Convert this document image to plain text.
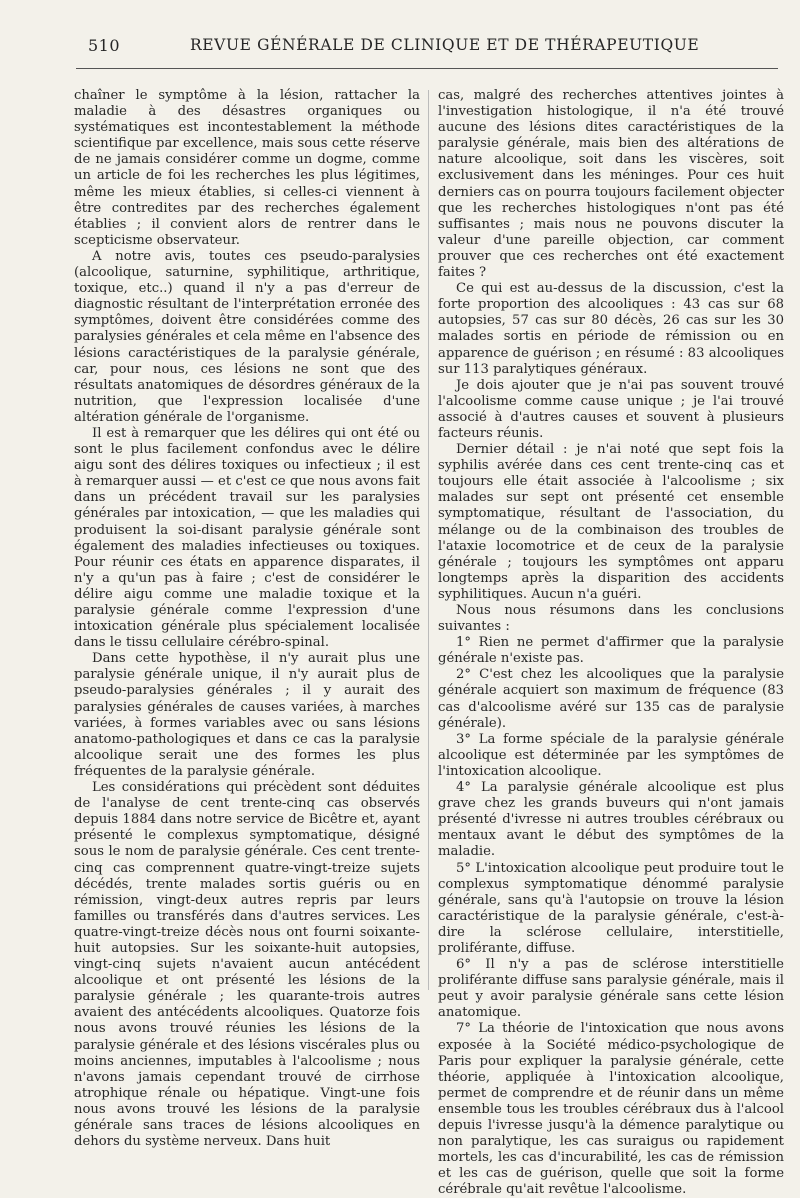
510	REVUE GÉNÉRALE DE CLINIQUE ET DE THÉRAPEUTIQUE

chaîner le symptôme à la lésion, rattacher la maladie à des désastres organiques ou systématiques est incontestablement la méthode scientifique par excellence, mais sous cette réserve de ne jamais considérer comme un dogme, comme un article de foi les recherches les plus légitimes, même les mieux établies, si celles-ci viennent à être contredites par des recherches également établies ; il convient alors de rentrer dans le scepticisme observateur.

A notre avis, toutes ces pseudo-paralysies (alcoolique, saturnine, syphilitique, arthritique, toxique, etc..) quand il n'y a pas d'erreur de diagnostic résultant de l'interprétation erronée des symptômes, doivent être considérées comme des paralysies générales et cela même en l'absence des lésions caractéristiques de la paralysie générale, car, pour nous, ces lésions ne sont que des résultats anatomiques de désordres généraux de la nutrition, que l'expression localisée d'une altération générale de l'organisme.

Il est à remarquer que les délires qui ont été ou sont le plus facilement confondus avec le délire aigu sont des délires toxiques ou infectieux ; il est à remarquer aussi — et c'est ce que nous avons fait dans un précédent travail sur les paralysies générales par intoxication, — que les maladies qui produisent la soi-disant paralysie générale sont également des maladies infectieuses ou toxiques. Pour réunir ces états en apparence disparates, il n'y a qu'un pas à faire ; c'est de considérer le délire aigu comme une maladie toxique et la paralysie générale comme l'expression d'une intoxication générale plus spécialement localisée dans le tissu cellulaire cérébro-spinal.

Dans cette hypothèse, il n'y aurait plus une paralysie générale unique, il n'y aurait plus de pseudo-paralysies générales ; il y aurait des paralysies générales de causes variées, à marches variées, à formes variables avec ou sans lésions anatomo-pathologiques et dans ce cas la paralysie alcoolique serait une des formes les plus fréquentes de la paralysie générale.

Les considérations qui précèdent sont déduites de l'analyse de cent trente-cinq cas observés depuis 1884 dans notre service de Bicêtre et, ayant présenté le complexus symptomatique, désigné sous le nom de paralysie générale. Ces cent trente-cinq cas comprennent quatre-vingt-treize sujets décédés, trente malades sortis guéris ou en rémission, vingt-deux autres repris par leurs familles ou transférés dans d'autres services. Les quatre-vingt-treize décès nous ont fourni soixante-huit autopsies. Sur les soixante-huit autopsies, vingt-cinq sujets n'avaient aucun antécédent alcoolique et ont présenté les lésions de la paralysie générale ; les quarante-trois autres avaient des antécédents alcooliques. Quatorze fois nous avons trouvé réunies les lésions de la paralysie générale et des lésions viscérales plus ou moins anciennes, imputables à l'alcoolisme ; nous n'avons jamais cependant trouvé de cirrhose atrophique rénale ou hépatique. Vingt-une fois nous avons trouvé les lésions de la paralysie générale sans traces de lésions alcooliques en dehors du système nerveux. Dans huit

cas, malgré des recherches attentives jointes à l'investigation histologique, il n'a été trouvé aucune des lésions dites caractéristiques de la paralysie générale, mais bien des altérations de nature alcoolique, soit dans les viscères, soit exclusivement dans les méninges. Pour ces huit derniers cas on pourra toujours facilement objecter que les recherches histologiques n'ont pas été suffisantes ; mais nous ne pouvons discuter la valeur d'une pareille objection, car comment prouver que ces recherches ont été exactement faites ?

Ce qui est au-dessus de la discussion, c'est la forte proportion des alcooliques : 43 cas sur 68 autopsies, 57 cas sur 80 décès, 26 cas sur les 30 malades sortis en période de rémission ou en apparence de guérison ; en résumé : 83 alcooliques sur 113 paralytiques généraux.

Je dois ajouter que je n'ai pas souvent trouvé l'alcoolisme comme cause unique ; je l'ai trouvé associé à d'autres causes et souvent à plusieurs facteurs réunis.

Dernier détail : je n'ai noté que sept fois la syphilis avérée dans ces cent trente-cinq cas et toujours elle était associée à l'alcoolisme ; six malades sur sept ont présenté cet ensemble symptomatique, résultant de l'association, du mélange ou de la combinaison des troubles de l'ataxie locomotrice et de ceux de la paralysie générale ; toujours les symptômes ont apparu longtemps après la disparition des accidents syphilitiques. Aucun n'a guéri.

Nous nous résumons dans les conclusions suivantes :

1° Rien ne permet d'affirmer que la paralysie générale n'existe pas.

2° C'est chez les alcooliques que la paralysie générale acquiert son maximum de fréquence (83 cas d'alcoolisme avéré sur 135 cas de paralysie générale).

3° La forme spéciale de la paralysie générale alcoolique est déterminée par les symptômes de l'intoxication alcoolique.

4° La paralysie générale alcoolique est plus grave chez les grands buveurs qui n'ont jamais présenté d'ivresse ni autres troubles cérébraux ou mentaux avant le début des symptômes de la maladie.

5° L'intoxication alcoolique peut produire tout le complexus symptomatique dénommé paralysie générale, sans qu'à l'autopsie on trouve la lésion caractéristique de la paralysie générale, c'est-à-dire la sclérose cellulaire, interstitielle, proliférante, diffuse.

6° Il n'y a pas de sclérose interstitielle proliférante diffuse sans paralysie générale, mais il peut y avoir paralysie générale sans cette lésion anatomique.

7° La théorie de l'intoxication que nous avons exposée à la Société médico-psychologique de Paris pour expliquer la paralysie générale, cette théorie, appliquée à l'intoxication alcoolique, permet de comprendre et de réunir dans un même ensemble tous les troubles cérébraux dus à l'alcool depuis l'ivresse jusqu'à la démence paralytique ou non paralytique, les cas suraigus ou rapidement mortels, les cas d'incurabilité, les cas de rémission et les cas de guérison, quelle que soit la forme cérébrale qu'ait revêtue l'alcoolisme.
